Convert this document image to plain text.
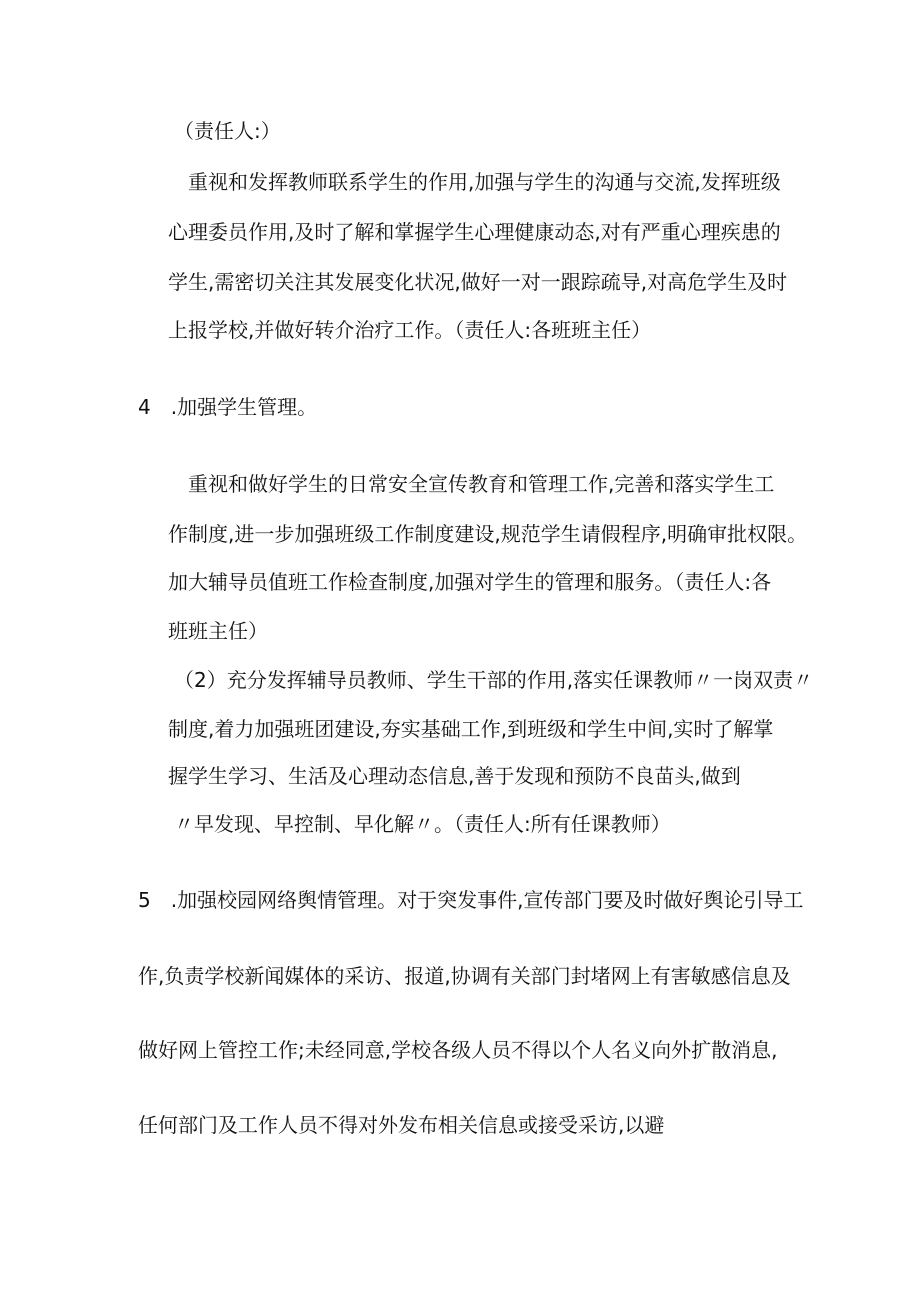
（责任人:）
重视和发挥教师联系学生的作用,加强与学生的沟通与交流,发挥班级
心理委员作用,及时了解和掌握学生心理健康动态,对有严重心理疾患的
学生,需密切关注其发展变化状况,做好一对一跟踪疏导,对高危学生及时
上报学校,并做好转介治疗工作。（责任人:各班班主任）
4　.加强学生管理。
重视和做好学生的日常安全宣传教育和管理工作,完善和落实学生工
作制度,进一步加强班级工作制度建设,规范学生请假程序,明确审批权限。
加大辅导员值班工作检查制度,加强对学生的管理和服务。（责任人:各
班班主任）
（2）充分发挥辅导员教师、学生干部的作用,落实任课教师〃一岗双责〃
制度,着力加强班团建设,夯实基础工作,到班级和学生中间,实时了解掌
握学生学习、生活及心理动态信息,善于发现和预防不良苗头,做到
〃早发现、早控制、早化解〃。（责任人:所有任课教师）
5　.加强校园网络舆情管理。对于突发事件,宣传部门要及时做好舆论引导工
作,负责学校新闻媒体的采访、报道,协调有关部门封堵网上有害敏感信息及
做好网上管控工作;未经同意,学校各级人员不得以个人名义向外扩散消息,
任何部门及工作人员不得对外发布相关信息或接受采访,以避
